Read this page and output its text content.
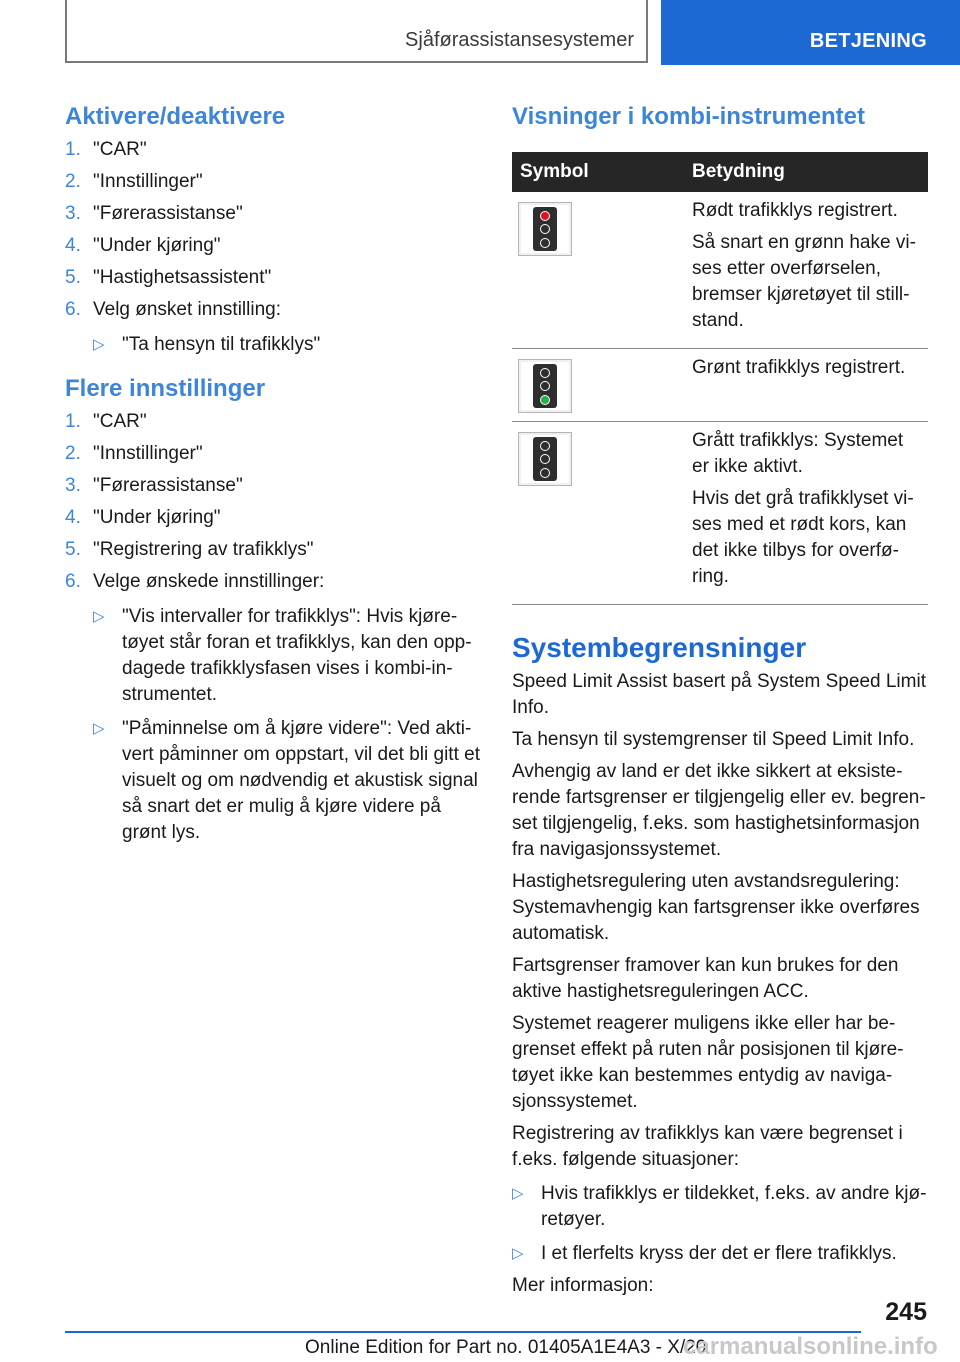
Sjåførassistansesystemer	BETJENING
Aktivere/deaktivere
1. "CAR"
2. "Innstillinger"
3. "Førerassistanse"
4. "Under kjøring"
5. "Hastighetsassistent"
6. Velg ønsket innstilling:
▷ "Ta hensyn til trafikklys"
Flere innstillinger
1. "CAR"
2. "Innstillinger"
3. "Førerassistanse"
4. "Under kjøring"
5. "Registrering av trafikklys"
6. Velge ønskede innstillinger:
▷ "Vis intervaller for trafikklys": Hvis kjøretøyet står foran et trafikklys, kan den oppdagede trafikklysfasen vises i kombi-instrumentet.
▷ "Påminnelse om å kjøre videre": Ved aktivert påminner om oppstart, vil det bli gitt et visuelt og om nødvendig et akustisk signal så snart det er mulig å kjøre videre på grønt lys.
Visninger i kombi-instrumentet
Symbol	Betydning

	Rødt trafikklys registrert.

Så snart en grønn hake vises etter overførselen, bremser kjøretøyet til stillstand.

	Grønt trafikklys registrert.

	Grått trafikklys: Systemet er ikke aktivt.

Hvis det grå trafikklyset vises med et rødt kors, kan det ikke tilbys for overføring.

Systembegrensninger

Speed Limit Assist basert på System Speed Limit Info.

Ta hensyn til systemgrenser til Speed Limit Info.

Avhengig av land er det ikke sikkert at eksisterende fartsgrenser er tilgjengelig eller ev. begrenset tilgjengelig, f.eks. som hastighetsinformasjon fra navigasjonssystemet.

Hastighetsregulering uten avstandsregulering: Systemavhengig kan fartsgrenser ikke overføres automatisk.

Fartsgrenser framover kan kun brukes for den aktive hastighetsreguleringen ACC.

Systemet reagerer muligens ikke eller har begrenset effekt på ruten når posisjonen til kjøretøyet ikke kan bestemmes entydig av navigasjonssystemet.

Registrering av trafikklys kan være begrenset i f.eks. følgende situasjoner:

▷ Hvis trafikklys er tildekket, f.eks. av andre kjøretøyer.
▷ I et flerfelts kryss der det er flere trafikklys.

Mer informasjon:

245
Online Edition for Part no. 01405A1E4A3 - X/20
carmanualsonline.info
